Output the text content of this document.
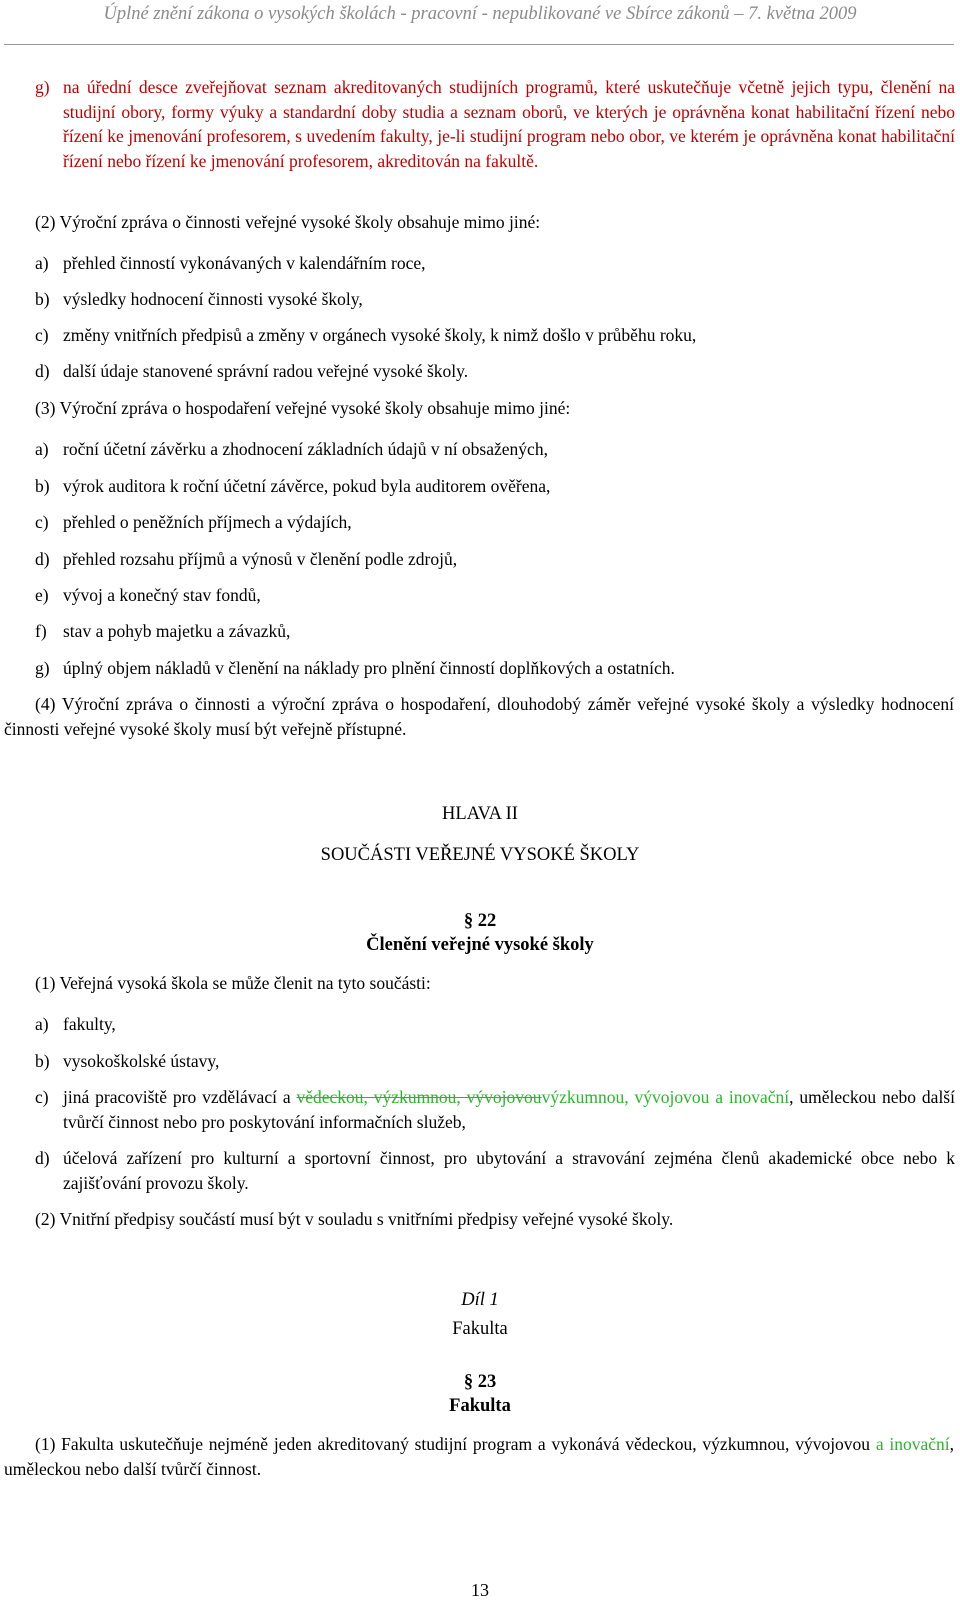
Úplné znění zákona o vysokých školách - pracovní - nepublikované ve Sbírce zákonů – 7. května 2009
g) na úřední desce zveřejňovat seznam akreditovaných studijních programů, které uskutečňuje včetně jejich typu, členění na studijní obory, formy výuky a standardní doby studia a seznam oborů, ve kterých je oprávněna konat habilitační řízení nebo řízení ke jmenování profesorem, s uvedením fakulty, je-li studijní program nebo obor, ve kterém je oprávněna konat habilitační řízení nebo řízení ke jmenování profesorem, akreditován na fakultě.
(2) Výroční zpráva o činnosti veřejné vysoké školy obsahuje mimo jiné:
a) přehled činností vykonávaných v kalendářním roce,
b) výsledky hodnocení činnosti vysoké školy,
c) změny vnitřních předpisů a změny v orgánech vysoké školy, k nimž došlo v průběhu roku,
d) další údaje stanovené správní radou veřejné vysoké školy.
(3) Výroční zpráva o hospodaření veřejné vysoké školy obsahuje mimo jiné:
a) roční účetní závěrku a zhodnocení základních údajů v ní obsažených,
b) výrok auditora k roční účetní závěrce, pokud byla auditorem ověřena,
c) přehled o peněžních příjmech a výdajích,
d) přehled rozsahu příjmů a výnosů v členění podle zdrojů,
e) vývoj a konečný stav fondů,
f) stav a pohyb majetku a závazků,
g) úplný objem nákladů v členění na náklady pro plnění činností doplňkových a ostatních.
(4) Výroční zpráva o činnosti a výroční zpráva o hospodaření, dlouhodobý záměr veřejné vysoké školy a výsledky hodnocení činnosti veřejné vysoké školy musí být veřejně přístupné.
HLAVA II
SOUČÁSTI VEŘEJNÉ VYSOKÉ ŠKOLY
§ 22
Členění veřejné vysoké školy
(1) Veřejná vysoká škola se může členit na tyto součásti:
a) fakulty,
b) vysokoškolské ústavy,
c) jiná pracoviště pro vzdělávací a vědeckou, výzkumnou, vývojovouvýzkumnou, vývojovou a inovační, uměleckou nebo další tvůrčí činnost nebo pro poskytování informačních služeb,
d) účelová zařízení pro kulturní a sportovní činnost, pro ubytování a stravování zejména členů akademické obce nebo k zajišťování provozu školy.
(2) Vnitřní předpisy součástí musí být v souladu s vnitřními předpisy veřejné vysoké školy.
Díl 1
Fakulta
§ 23
Fakulta
(1) Fakulta uskutečňuje nejméně jeden akreditovaný studijní program a vykonává vědeckou, výzkumnou, vývojovou a inovační, uměleckou nebo další tvůrčí činnost.
13
